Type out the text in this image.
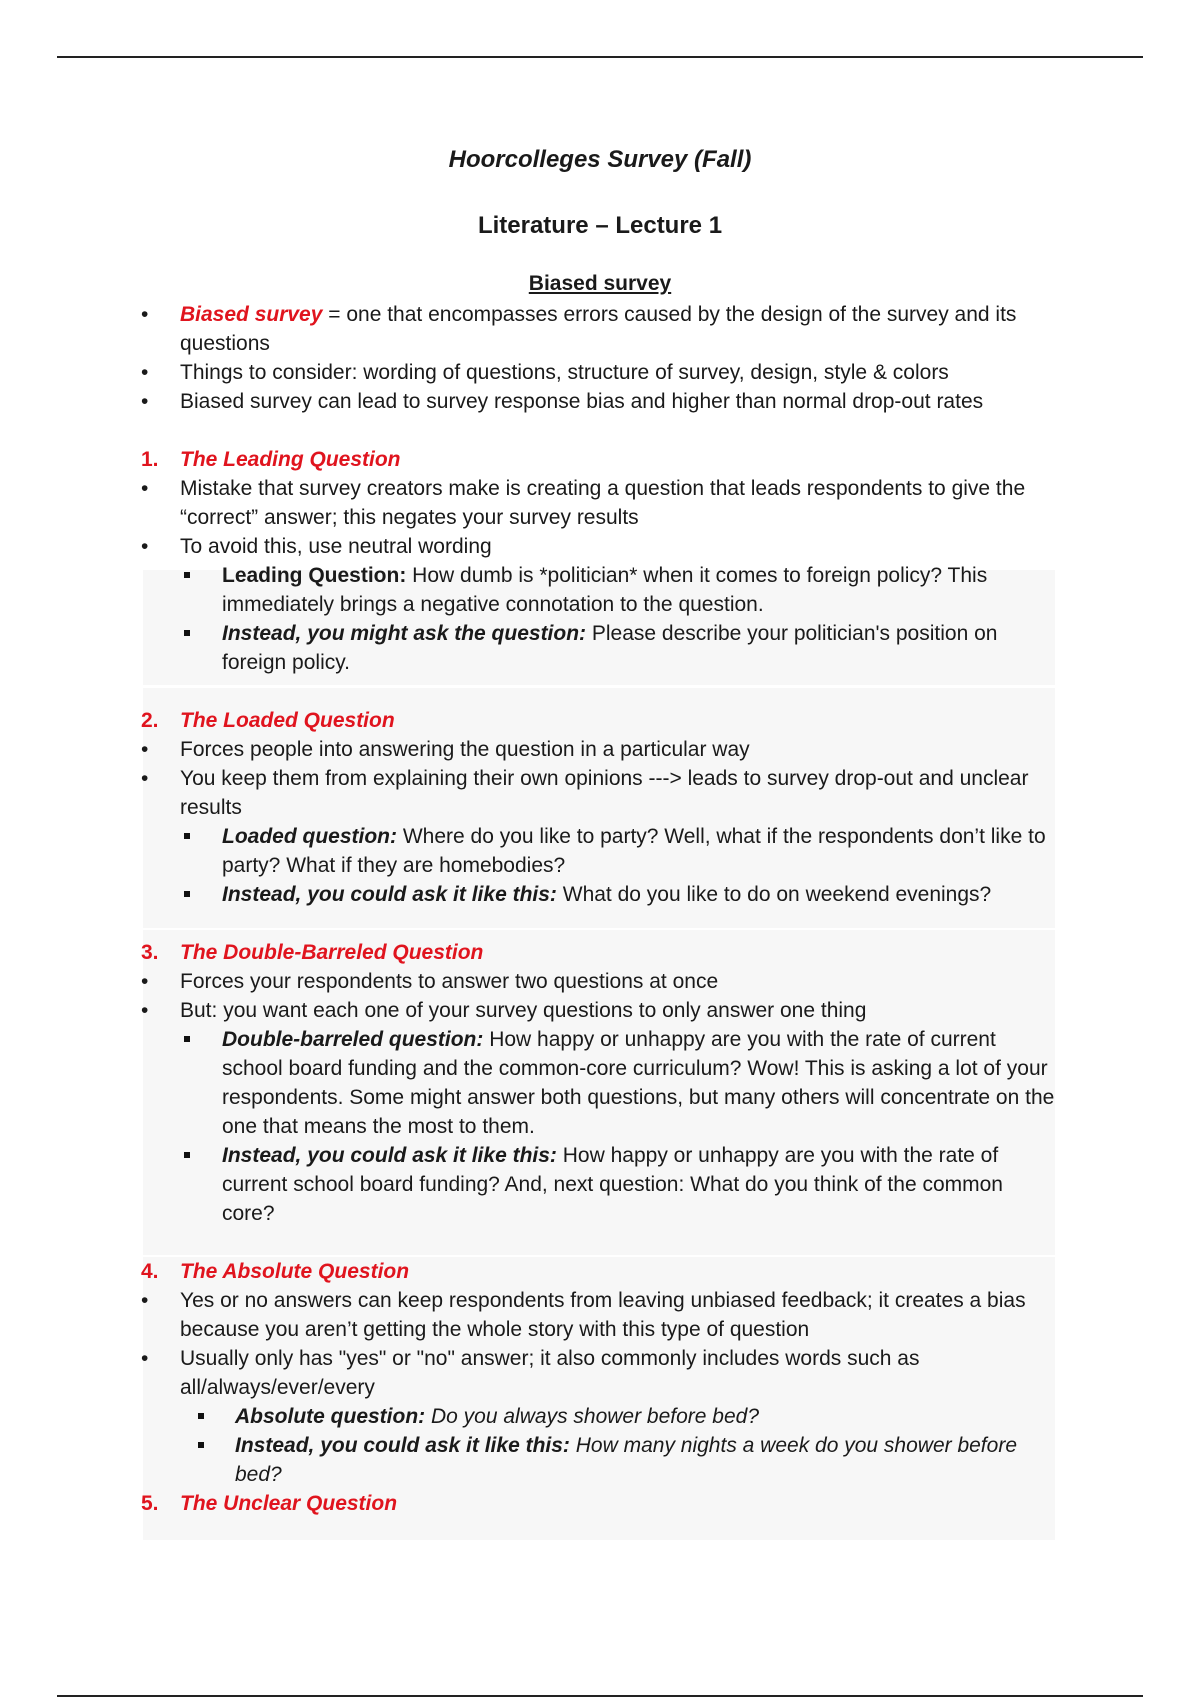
Hoorcolleges Survey (Fall)
Literature – Lecture 1
Biased survey
• Biased survey = one that encompasses errors caused by the design of the survey and its questions
• Things to consider: wording of questions, structure of survey, design, style & colors
• Biased survey can lead to survey response bias and higher than normal drop-out rates
1. The Leading Question
• Mistake that survey creators make is creating a question that leads respondents to give the “correct” answer; this negates your survey results
• To avoid this, use neutral wording
Leading Question: How dumb is *politician* when it comes to foreign policy? This immediately brings a negative connotation to the question.
Instead, you might ask the question: Please describe your politician's position on foreign policy.
2. The Loaded Question
• Forces people into answering the question in a particular way
• You keep them from explaining their own opinions ---> leads to survey drop-out and unclear results
Loaded question: Where do you like to party? Well, what if the respondents don’t like to party? What if they are homebodies?
Instead, you could ask it like this: What do you like to do on weekend evenings?
3. The Double-Barreled Question
• Forces your respondents to answer two questions at once
• But: you want each one of your survey questions to only answer one thing
Double-barreled question: How happy or unhappy are you with the rate of current school board funding and the common-core curriculum? Wow! This is asking a lot of your respondents. Some might answer both questions, but many others will concentrate on the one that means the most to them.
Instead, you could ask it like this: How happy or unhappy are you with the rate of current school board funding? And, next question: What do you think of the common core?
4. The Absolute Question
• Yes or no answers can keep respondents from leaving unbiased feedback; it creates a bias because you aren’t getting the whole story with this type of question
• Usually only has "yes" or "no" answer; it also commonly includes words such as all/always/ever/every
Absolute question: Do you always shower before bed?
Instead, you could ask it like this: How many nights a week do you shower before bed?
5. The Unclear Question
